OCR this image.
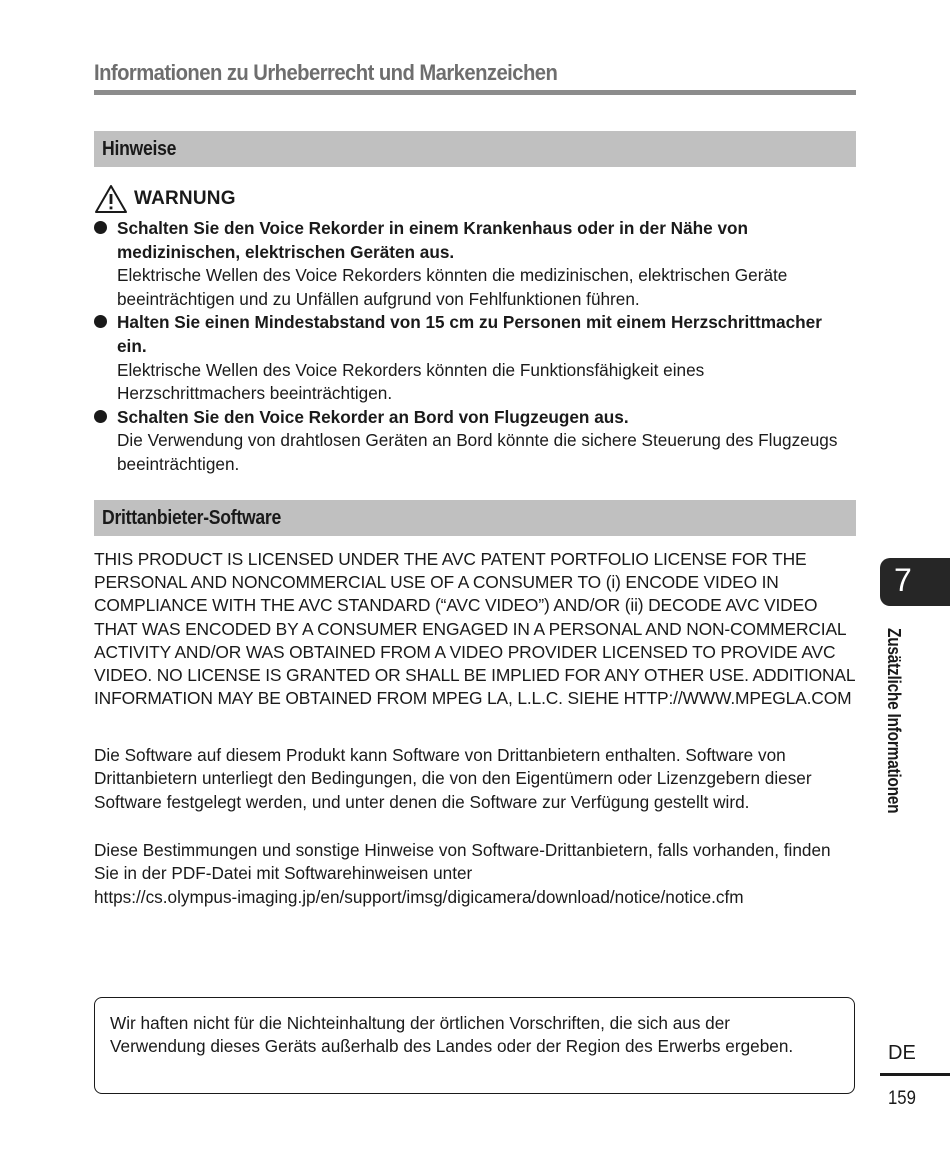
Informationen zu Urheberrecht und Markenzeichen
Hinweise
WARNUNG
Schalten Sie den Voice Rekorder in einem Krankenhaus oder in der Nähe von medizinischen, elektrischen Geräten aus.
Elektrische Wellen des Voice Rekorders könnten die medizinischen, elektrischen Geräte beeinträchtigen und zu Unfällen aufgrund von Fehlfunktionen führen.
Halten Sie einen Mindestabstand von 15 cm zu Personen mit einem Herzschrittmacher ein.
Elektrische Wellen des Voice Rekorders könnten die Funktionsfähigkeit eines Herzschrittmachers beeinträchtigen.
Schalten Sie den Voice Rekorder an Bord von Flugzeugen aus.
Die Verwendung von drahtlosen Geräten an Bord könnte die sichere Steuerung des Flugzeugs beeinträchtigen.
Drittanbieter-Software
THIS PRODUCT IS LICENSED UNDER THE AVC PATENT PORTFOLIO LICENSE FOR THE PERSONAL AND NONCOMMERCIAL USE OF A CONSUMER TO (i) ENCODE VIDEO IN COMPLIANCE WITH THE AVC STANDARD (“AVC VIDEO”) AND/OR (ii) DECODE AVC VIDEO THAT WAS ENCODED BY A CONSUMER ENGAGED IN A PERSONAL AND NON-COMMERCIAL ACTIVITY AND/OR WAS OBTAINED FROM A VIDEO PROVIDER LICENSED TO PROVIDE AVC VIDEO. NO LICENSE IS GRANTED OR SHALL BE IMPLIED FOR ANY OTHER USE. ADDITIONAL INFORMATION MAY BE OBTAINED FROM MPEG LA, L.L.C. SIEHE HTTP://WWW.MPEGLA.COM
Die Software auf diesem Produkt kann Software von Drittanbietern enthalten. Software von Drittanbietern unterliegt den Bedingungen, die von den Eigentümern oder Lizenzgebern dieser Software festgelegt werden, und unter denen die Software zur Verfügung gestellt wird.
Diese Bestimmungen und sonstige Hinweise von Software-Drittanbietern, falls vorhanden, finden Sie in der PDF-Datei mit Softwarehinweisen unter
https://cs.olympus-imaging.jp/en/support/imsg/digicamera/download/notice/notice.cfm
Wir haften nicht für die Nichteinhaltung der örtlichen Vorschriften, die sich aus der Verwendung dieses Geräts außerhalb des Landes oder der Region des Erwerbs ergeben.
7
Zusätzliche Informationen
DE
159
